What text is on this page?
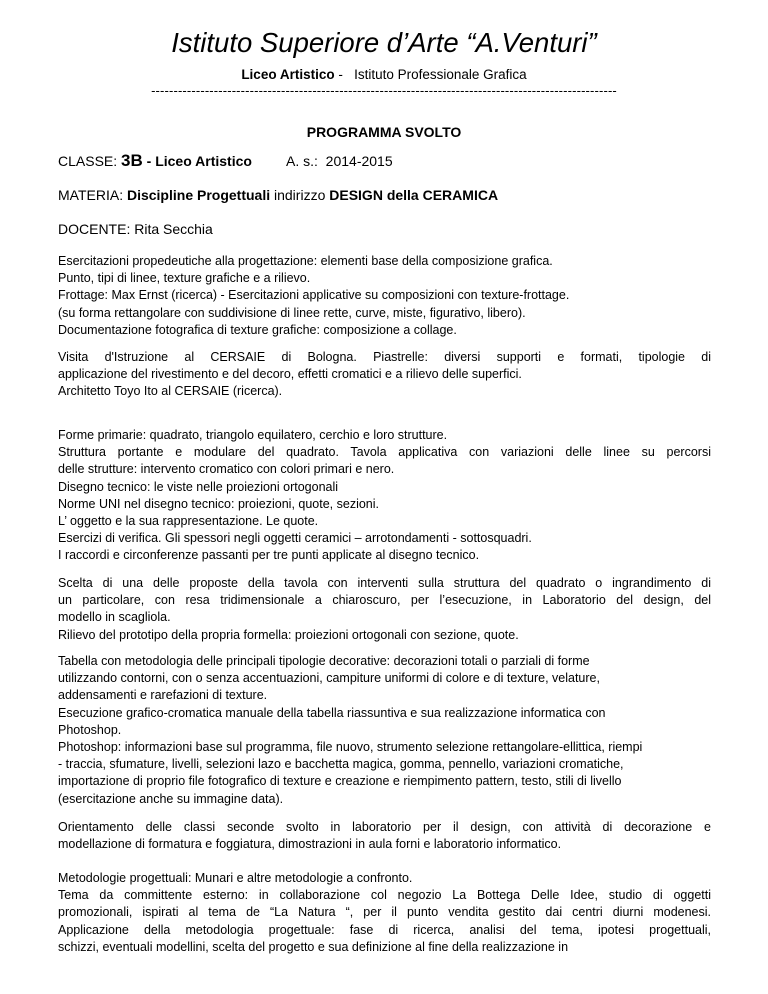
Istituto Superiore d’Arte “A.Venturi”
Liceo Artistico -   Istituto Professionale Grafica
--------------------------------------------------------------------------------------------------------
PROGRAMMA SVOLTO
CLASSE: 3B - Liceo Artistico A. s.:  2014-2015
MATERIA: Discipline Progettuali indirizzo DESIGN della CERAMICA
DOCENTE: Rita Secchia
Esercitazioni propedeutiche alla progettazione: elementi base della composizione grafica.
Punto, tipi di linee, texture grafiche e a rilievo.
Frottage: Max Ernst (ricerca) - Esercitazioni applicative su composizioni con texture-frottage.
(su forma rettangolare con suddivisione di linee rette, curve, miste, figurativo, libero).
Documentazione fotografica di texture grafiche: composizione a collage.
Visita d'Istruzione al CERSAIE di Bologna. Piastrelle: diversi supporti e formati, tipologie di
applicazione del rivestimento e del decoro, effetti cromatici e a rilievo delle superfici.
Architetto Toyo Ito al CERSAIE (ricerca).
Forme primarie: quadrato, triangolo equilatero, cerchio e loro strutture.
Struttura portante e modulare del quadrato. Tavola applicativa con variazioni delle linee su percorsi
delle strutture: intervento cromatico con colori primari e nero.
Disegno tecnico: le viste nelle proiezioni ortogonali
Norme UNI nel disegno tecnico: proiezioni, quote, sezioni.
L’ oggetto e la sua rappresentazione. Le quote.
Esercizi di verifica. Gli spessori negli oggetti ceramici – arrotondamenti - sottosquadri.
I raccordi e circonferenze passanti per tre punti applicate al disegno tecnico.
Scelta di una delle proposte della tavola con interventi sulla struttura del quadrato o ingrandimento di
un particolare, con resa tridimensionale a chiaroscuro, per l’esecuzione, in Laboratorio del design, del
modello in scagliola.
Rilievo del prototipo della propria formella: proiezioni ortogonali con sezione, quote.
Tabella con metodologia delle principali tipologie decorative: decorazioni totali o parziali di forme
utilizzando contorni, con o senza accentuazioni, campiture uniformi di colore e di texture, velature,
addensamenti e rarefazioni di texture.
Esecuzione grafico-cromatica manuale della tabella riassuntiva e sua realizzazione informatica con
Photoshop.
Photoshop: informazioni base sul programma, file nuovo, strumento selezione rettangolare-ellittica, riempi
- traccia, sfumature, livelli, selezioni lazo e bacchetta magica, gomma, pennello, variazioni cromatiche,
importazione di proprio file fotografico di texture e creazione e riempimento pattern, testo, stili di livello
(esercitazione anche su immagine data).
Orientamento delle classi seconde svolto in laboratorio per il design, con attività di decorazione e
modellazione di formatura e foggiatura, dimostrazioni in aula forni e laboratorio informatico.
Metodologie progettuali: Munari e altre metodologie a confronto.
Tema da committente esterno: in collaborazione col negozio La Bottega Delle Idee, studio di oggetti
promozionali, ispirati al tema de “La Natura “, per il punto vendita gestito dai centri diurni modenesi.
Applicazione della metodologia progettuale: fase di ricerca, analisi del tema, ipotesi progettuali,
schizzi, eventuali modellini, scelta del progetto e sua definizione al fine della realizzazione in
